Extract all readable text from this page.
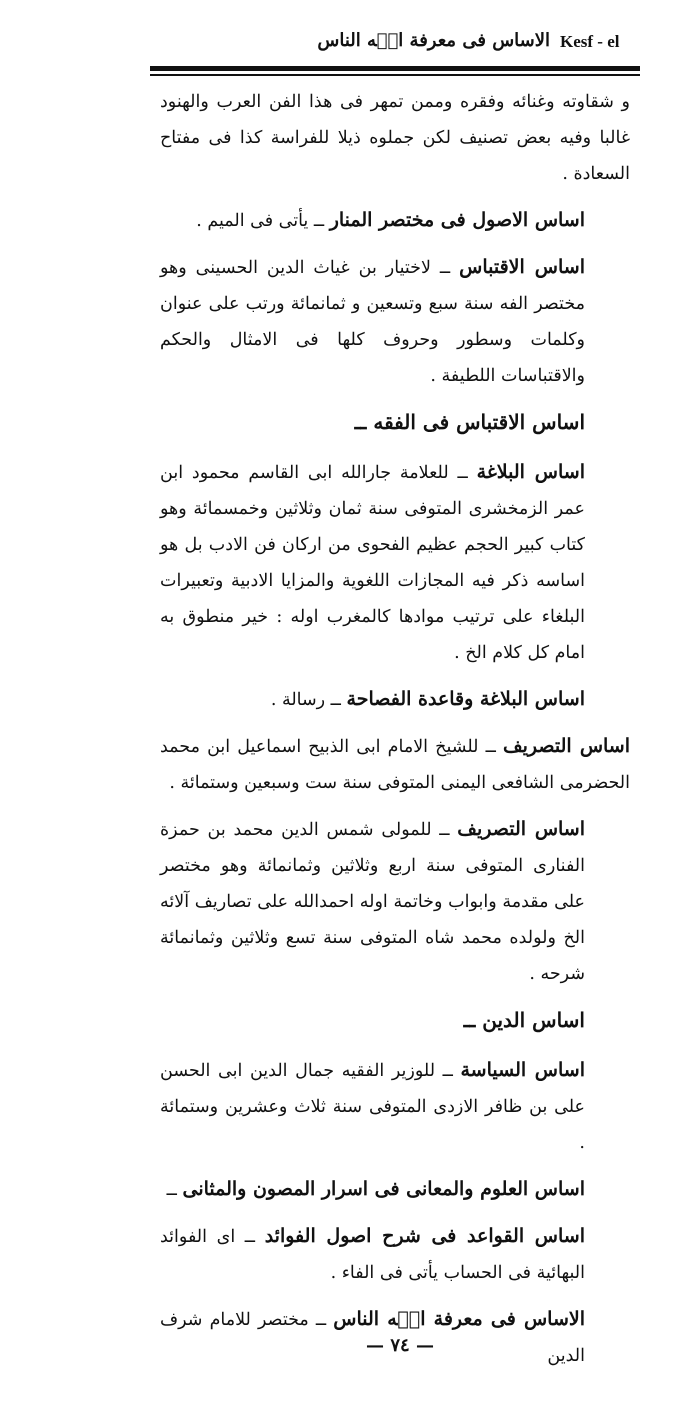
Kesf - el
الاساس فى معرفة الۤه الناس

و شقاوته وغنائه وفقره وممن تمهر فى هذا الفن العرب والهنود غالبا وفيه بعض تصنيف لكن جملوه ذيلا للفراسة كذا فى مفتاح السعادة .

اساس الاصول فى مختصر المنار ــ يأتى فى الميم .

اساس الاقتباس ــ لاختيار بن غياث الدين الحسينى وهو مختصر الفه سنة سبع وتسعين و ثمانمائة ورتب على عنوان وكلمات وسطور وحروف كلها فى الامثال والحكم والاقتباسات اللطيفة .

اساس الاقتباس فى الفقه ــ

اساس البلاغة ــ للعلامة جارالله ابى القاسم محمود ابن عمر الزمخشرى المتوفى سنة ثمان وثلاثين وخمسمائة وهو كتاب كبير الحجم عظيم الفحوى من اركان فن الادب بل هو اساسه ذكر فيه المجازات اللغوية والمزايا الادبية وتعبيرات البلغاء على ترتيب موادها كالمغرب اوله : خير منطوق به امام كل كلام الخ .

اساس البلاغة وقاعدة الفصاحة ــ رسالة .

اساس التصريف ــ للشيخ الامام ابى الذبيح اسماعيل ابن محمد الحضرمى الشافعى اليمنى المتوفى سنة ست وسبعين وستمائة .

اساس التصريف ــ للمولى شمس الدين محمد بن حمزة الفنارى المتوفى سنة اربع وثلاثين وثمانمائة وهو مختصر على مقدمة وابواب وخاتمة اوله احمدالله على تصاريف آلائه الخ ولولده محمد شاه المتوفى سنة تسع وثلاثين وثمانمائة شرحه .

اساس الدين ــ

اساس السياسة ــ للوزير الفقيه جمال الدين ابى الحسن على بن ظافر الازدى المتوفى سنة ثلاث وعشرين وستمائة .

اساس العلوم والمعانى فى اسرار المصون والمثانى ــ

اساس القواعد فى شرح اصول الفوائد ــ اى الفوائد البهائية فى الحساب يأتى فى الفاء .

الاساس فى معرفة الۤه الناس ــ مختصر للامام شرف الدين

— ٧٤ —
